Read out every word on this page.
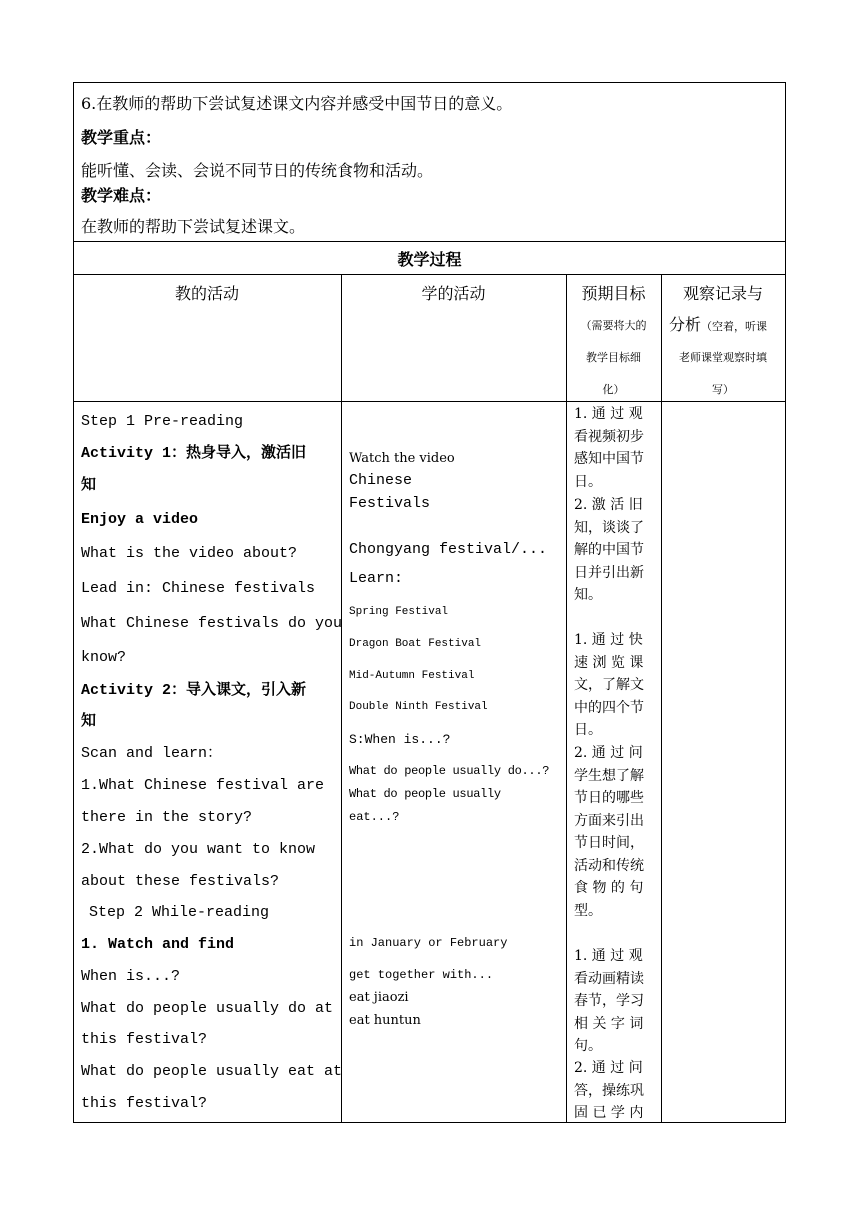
6.在教师的帮助下尝试复述课文内容并感受中国节日的意义。
教学重点：
能听懂、会读、会说不同节日的传统食物和活动。
教学难点：
在教师的帮助下尝试复述课文。
教学过程
教的活动	学的活动	预期目标
（需要将大的
教学目标细
化）
观察记录与
分析（空着，听课
老师课堂观察时填
写）
Step 1 Pre-reading
Activity 1：热身导入，激活旧
知
Enjoy a video
What is the video about?
Lead in: Chinese festivals
What Chinese festivals do you
know?
Activity 2：导入课文，引入新
知
Scan and learn：
1.What Chinese festival are
there in the story?
2.What do you want to know
about these festivals?
Step 2 While-reading
1. Watch and find
When is...?
What do people usually do at
this festival?
What do people usually eat at
this festival?
Watch the video
Chinese
Festivals
Chongyang festival/...
Learn:
Spring Festival
Dragon Boat Festival
Mid-Autumn Festival
Double Ninth Festival
S:When is...?
What do people usually do...?
What do people usually
eat...?
in January or February
get together with...
eat jiaozi
eat huntun
1. 通 过 观
看视频初步
感知中国节
日。
2. 激 活 旧
知，谈谈了
解的中国节
日并引出新
知。
1. 通 过 快
速 浏 览 课
文，了解文
中的四个节
日。
2. 通 过 问
学生想了解
节日的哪些
方面来引出
节日时间，
活动和传统
食 物 的 句
型。
1. 通 过 观
看动画精读
春节，学习
相 关 字 词
句。
2. 通 过 问
答，操练巩
固 已 学 内
